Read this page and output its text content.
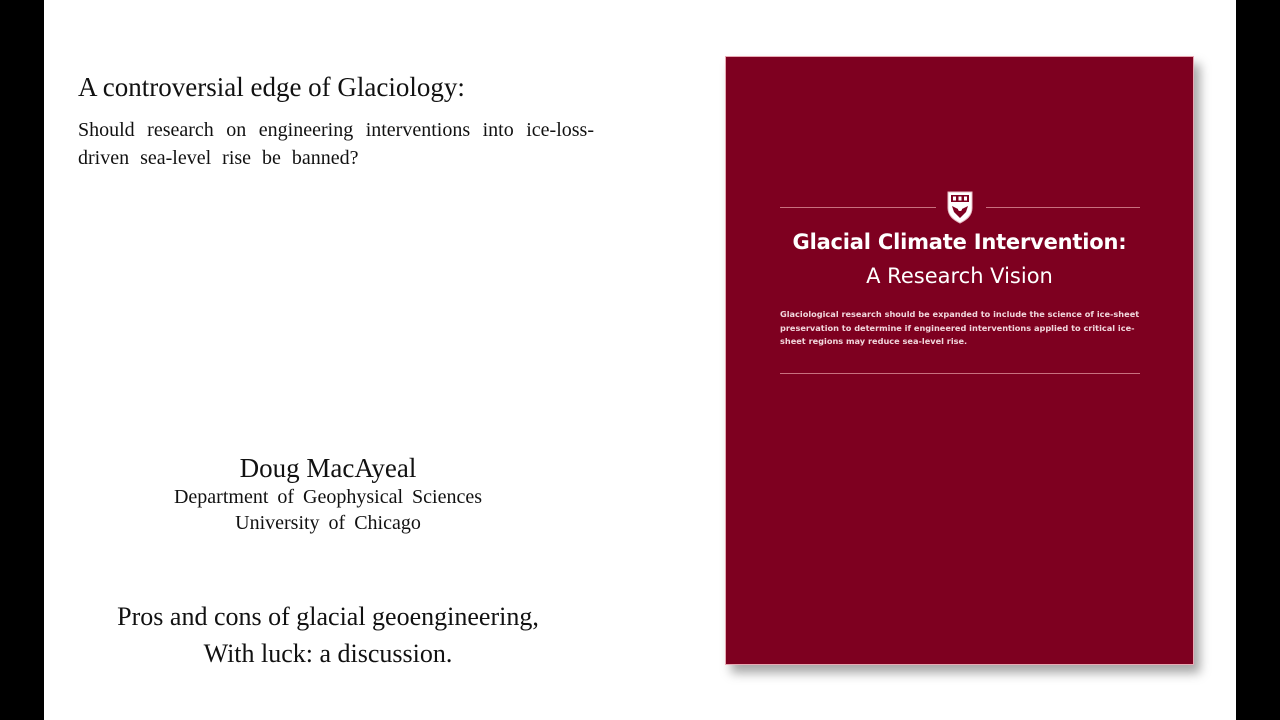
A controversial edge of Glaciology:
Should research on engineering interventions into ice-loss-driven sea-level rise be banned?
Doug MacAyeal
Department of Geophysical Sciences
University of Chicago
Pros and cons of glacial geoengineering,
With luck: a discussion.
Glacial Climate Intervention:
A Research Vision
Glaciological research should be expanded to include the science of ice-sheet preservation to determine if engineered interventions applied to critical ice-sheet regions may reduce sea-level rise.
